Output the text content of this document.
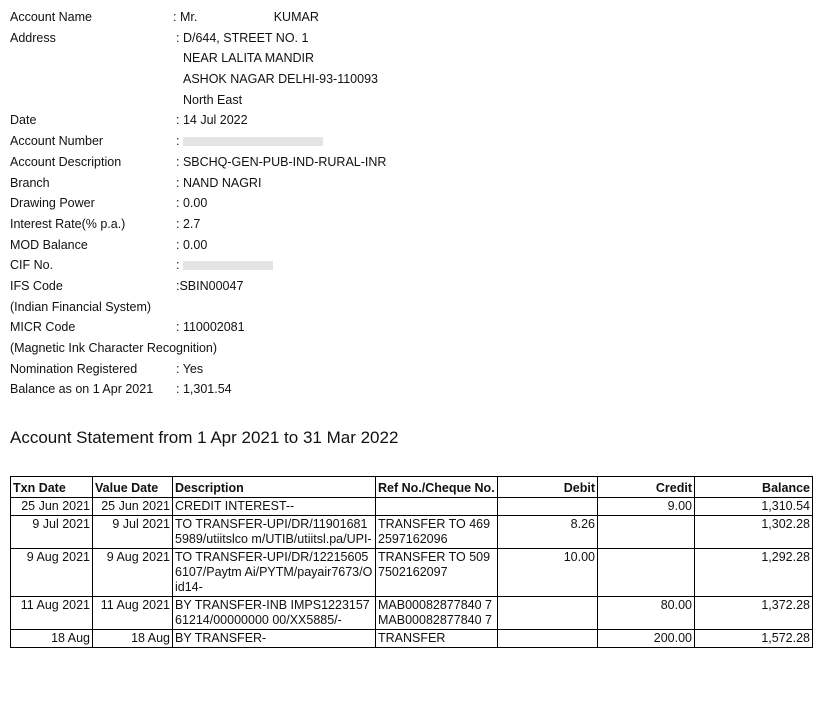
Account Name	: Mr.                      KUMAR
Address	: D/644, STREET NO. 1
NEAR LALITA MANDIR
ASHOK NAGAR DELHI-93-110093
North East
Date	: 14 Jul 2022
Account Number	:
Account Description	: SBCHQ-GEN-PUB-IND-RURAL-INR
Branch	: NAND NAGRI
Drawing Power	: 0.00
Interest Rate(% p.a.)	: 2.7
MOD Balance	: 0.00
CIF No.	:
IFS Code	:SBIN00047
(Indian Financial System)
MICR Code	: 110002081
(Magnetic Ink Character Recognition)
Nomination Registered	: Yes
Balance as on 1 Apr 2021 : 1,301.54
Account Statement from 1 Apr 2021 to 31 Mar 2022
Txn Date	Value Date	Description	Ref No./Cheque No.	Debit	Credit	Balance
25 Jun 2021	25 Jun 2021	CREDIT INTEREST--			9.00	1,310.54
9 Jul 2021	9 Jul 2021	TO TRANSFER-UPI/DR/119016815989/utiitslco m/UTIB/utiitsl.pa/UPI-	TRANSFER TO 4692597162096	8.26		1,302.28
9 Aug 2021	9 Aug 2021	TO TRANSFER-UPI/DR/122156056107/Paytm Ai/PYTM/payair7673/Oid14-	TRANSFER TO 5097502162097	10.00		1,292.28
11 Aug 2021	11 Aug 2021	BY TRANSFER-INB IMPS122315761214/00000000 00/XX5885/-	MAB00082877840 7 MAB00082877840 7		80.00	1,372.28
18 Aug	18 Aug	BY TRANSFER-	TRANSFER		200.00	1,572.28
